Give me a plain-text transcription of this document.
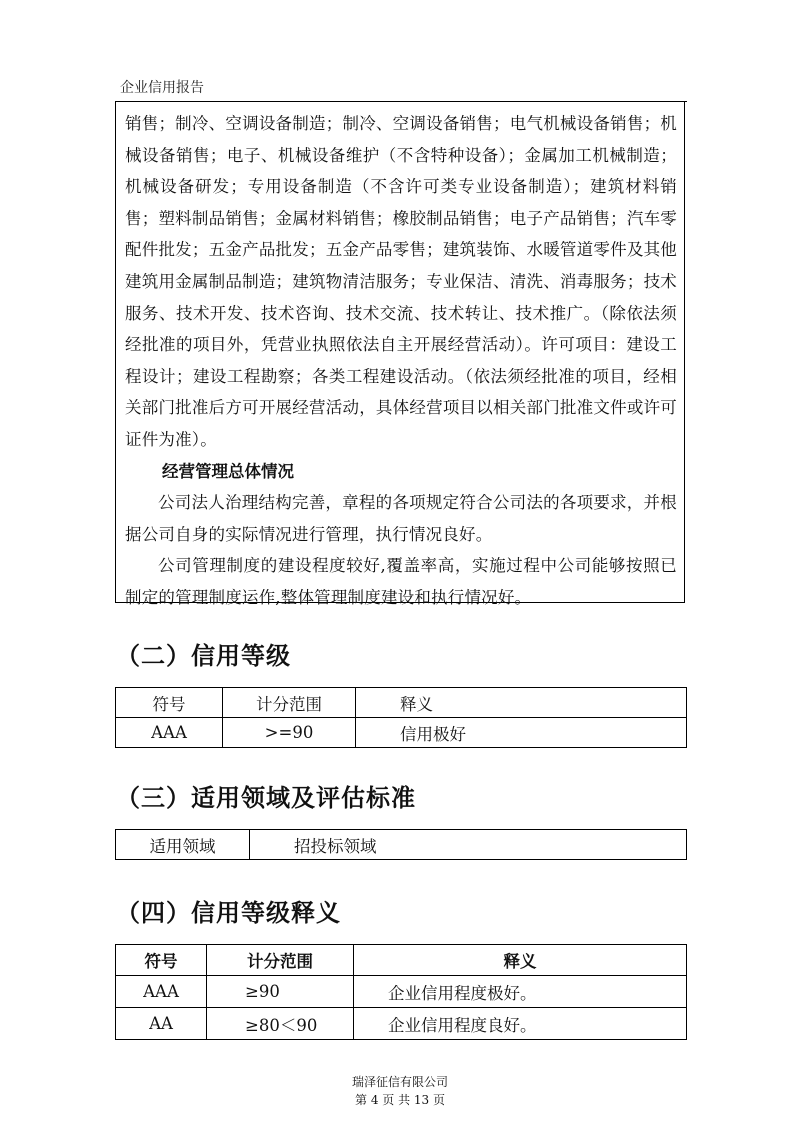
企业信用报告

销售；制冷、空调设备制造；制冷、空调设备销售；电气机械设备销售；机械设备销售；电子、机械设备维护（不含特种设备）；金属加工机械制造；机械设备研发；专用设备制造（不含许可类专业设备制造）；建筑材料销售；塑料制品销售；金属材料销售；橡胶制品销售；电子产品销售；汽车零配件批发；五金产品批发；五金产品零售；建筑装饰、水暖管道零件及其他建筑用金属制品制造；建筑物清洁服务；专业保洁、清洗、消毒服务；技术服务、技术开发、技术咨询、技术交流、技术转让、技术推广。（除依法须经批准的项目外，凭营业执照依法自主开展经营活动）。许可项目：建设工程设计；建设工程勘察；各类工程建设活动。（依法须经批准的项目，经相关部门批准后方可开展经营活动，具体经营项目以相关部门批准文件或许可证件为准）。

经营管理总体情况

公司法人治理结构完善，章程的各项规定符合公司法的各项要求，并根据公司自身的实际情况进行管理，执行情况良好。

公司管理制度的建设程度较好,覆盖率高，实施过程中公司能够按照已制定的管理制度运作,整体管理制度建设和执行情况好。

（二）信用等级
符号	计分范围	释义
AAA	>=90	信用极好
（三）适用领域及评估标准
适用领域	招投标领域
（四）信用等级释义
符号	计分范围	释义
AAA	≥90	企业信用程度极好。
AA	≥80＜90	企业信用程度良好。
瑞泽征信有限公司
第 4 页 共 13 页
